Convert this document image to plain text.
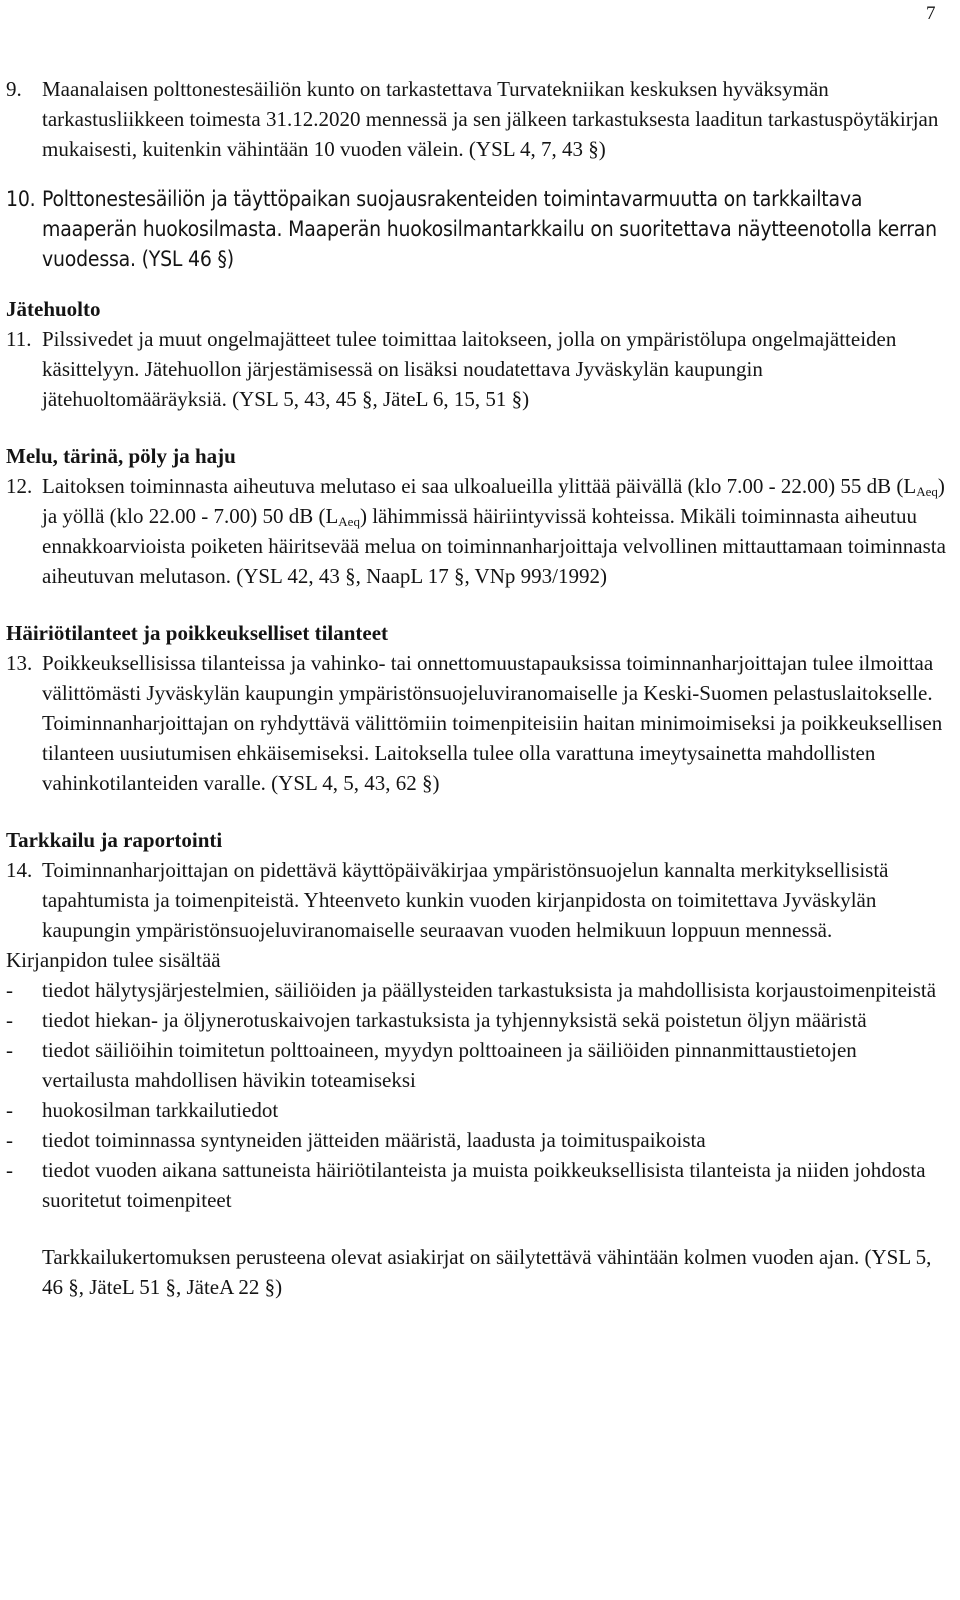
7

9. Maanalaisen polttonestesäiliön kunto on tarkastettava Turvatekniikan keskuksen hyväksymän tarkastusliikkeen toimesta 31.12.2020 mennessä ja sen jälkeen tarkastuksesta laaditun tarkastuspöytäkirjan mukaisesti, kuitenkin vähintään 10 vuoden välein. (YSL 4, 7, 43 §)

10. Polttonestesäiliön ja täyttöpaikan suojausrakenteiden toimintavarmuutta on tarkkailtava maaperän huokosilmasta. Maaperän huokosilmantarkkailu on suoritettava näytteenotolla kerran vuodessa. (YSL 46 §)

Jätehuolto

11. Pilssivedet ja muut ongelmajätteet tulee toimittaa laitokseen, jolla on ympäristölupa ongelmajätteiden käsittelyyn. Jätehuollon järjestämisessä on lisäksi noudatettava Jyväskylän kaupungin jätehuoltomääräyksiä. (YSL 5, 43, 45 §, JäteL 6, 15, 51 §)

Melu, tärinä, pöly ja haju

12. Laitoksen toiminnasta aiheutuva melutaso ei saa ulkoalueilla ylittää päivällä (klo 7.00 - 22.00) 55 dB $(L_{Aeq})$ ja yöllä (klo 22.00 - 7.00) 50 dB $(L_{Aeq})$ lähimmissä häiriintyvissä kohteissa. Mikäli toiminnasta aiheutuu ennakkoarvioista poiketen häiritsevää melua on toiminnanharjoittaja velvollinen mittauttamaan toiminnasta aiheutuvan melutason. (YSL 42, 43 §, NaapL 17 §, VNp 993/1992)

Häiriötilanteet ja poikkeukselliset tilanteet

13. Poikkeuksellisissa tilanteissa ja vahinko- tai onnettomuustapauksissa toiminnanharjoittajan tulee ilmoittaa välittömästi Jyväskylän kaupungin ympäristönsuojeluviranomaiselle ja Keski-Suomen pelastuslaitokselle. Toiminnanharjoittajan on ryhdyttävä välittömiin toimenpiteisiin haitan minimoimiseksi ja poikkeuksellisen tilanteen uusiutumisen ehkäisemiseksi. Laitoksella tulee olla varattuna imeytysainetta mahdollisten vahinkotilanteiden varalle. (YSL 4, 5, 43, 62 §)

Tarkkailu ja raportointi

14. Toiminnanharjoittajan on pidettävä käyttöpäiväkirjaa ympäristönsuojelun kannalta merkityksellisistä tapahtumista ja toimenpiteistä. Yhteenveto kunkin vuoden kirjanpidosta on toimitettava Jyväskylän kaupungin ympäristönsuojeluviranomaiselle seuraavan vuoden helmikuun loppuun mennessä.

Kirjanpidon tulee sisältää

- tiedot hälytysjärjestelmien, säiliöiden ja päällysteiden tarkastuksista ja mahdollisista korjaustoimenpiteistä

- tiedot hiekan- ja öljynerotuskaivojen tarkastuksista ja tyhjennyksistä sekä poistetun öljyn määristä

- tiedot säiliöihin toimitetun polttoaineen, myydyn polttoaineen ja säiliöiden pinnanmittaustietojen vertailusta mahdollisen hävikin toteamiseksi

- huokosilman tarkkailutiedot

- tiedot toiminnassa syntyneiden jätteiden määristä, laadusta ja toimituspaikoista

- tiedot vuoden aikana sattuneista häiriötilanteista ja muista poikkeuksellisista tilanteista ja niiden johdosta suoritetut toimenpiteet

Tarkkailukertomuksen perusteena olevat asiakirjat on säilytettävä vähintään kolmen vuoden ajan. (YSL 5, 46 §, JäteL 51 §, JäteA 22 §)
